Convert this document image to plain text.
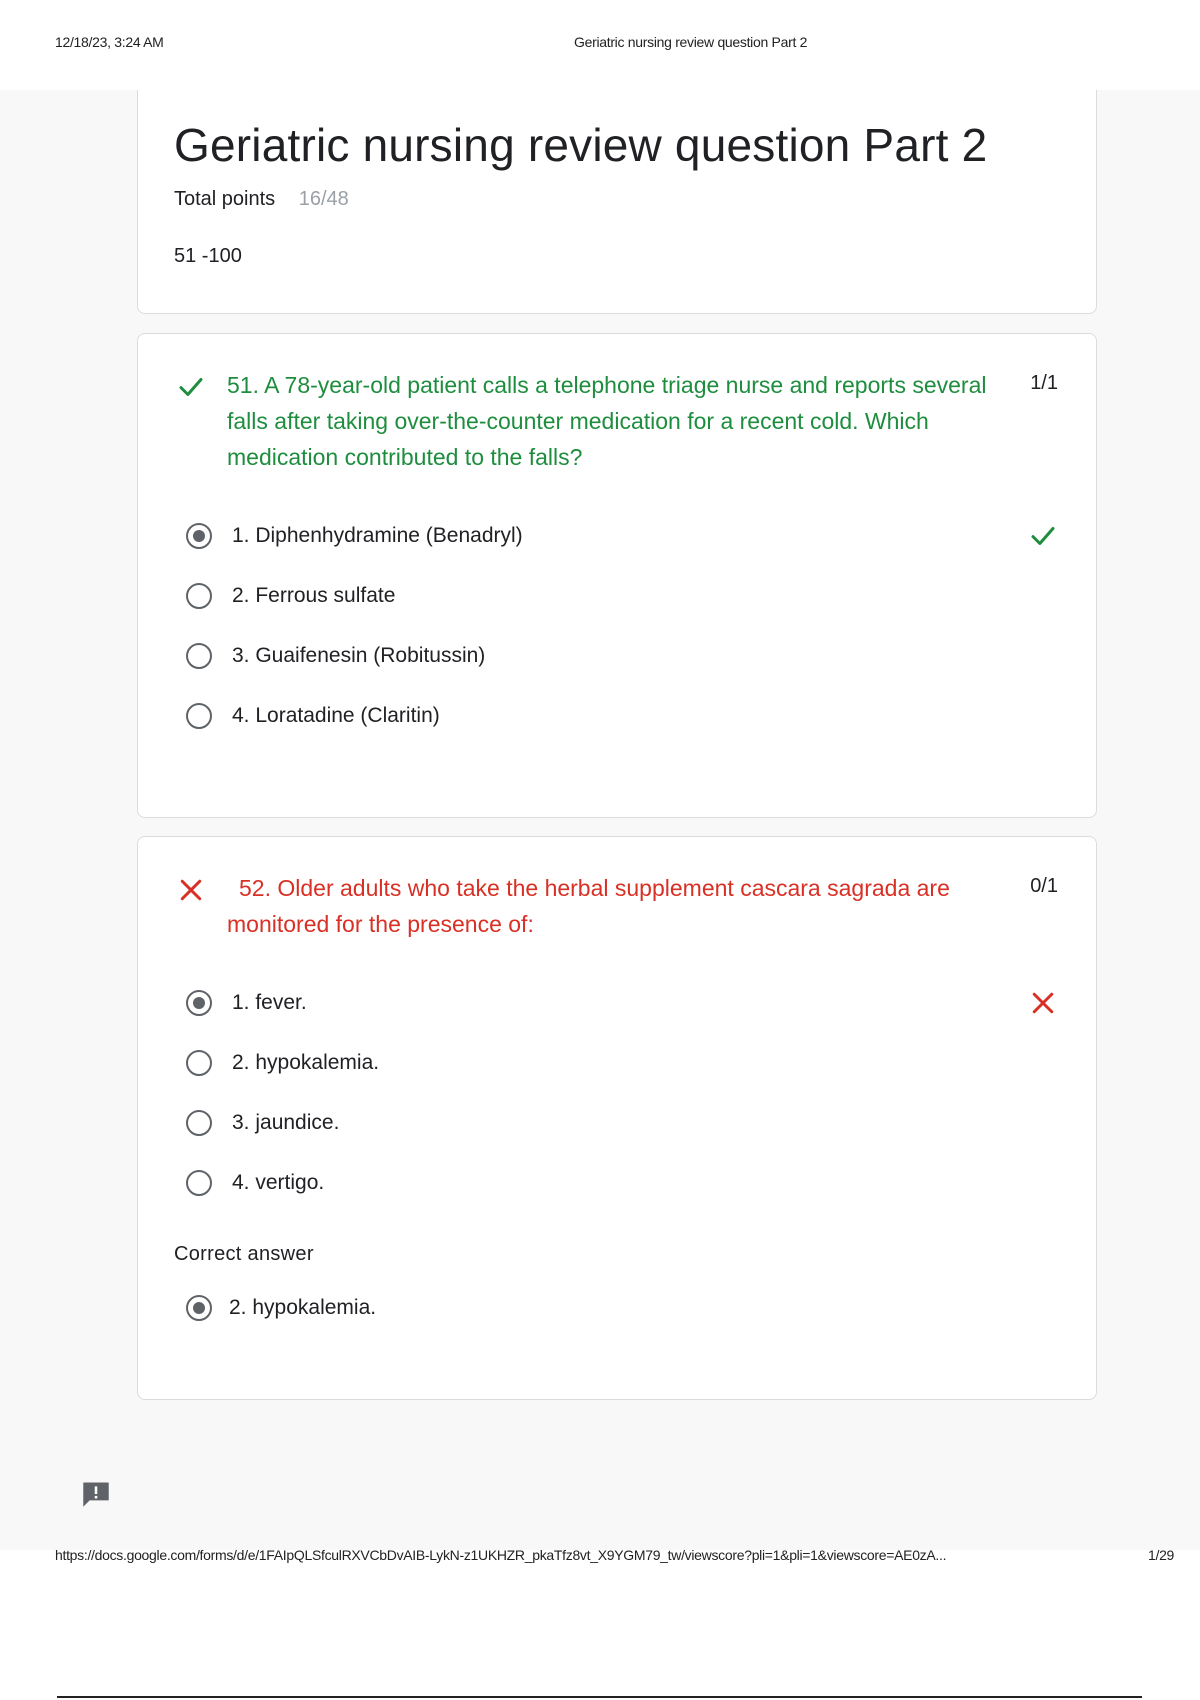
12/18/23, 3:24 AM	Geriatric nursing review question Part 2
Geriatric nursing review question Part 2
Total points 16/48
51 -100
51. A 78-year-old patient calls a telephone triage nurse and reports several falls after taking over-the-counter medication for a recent cold. Which medication contributed to the falls?
1/1
1. Diphenhydramine (Benadryl)
2. Ferrous sulfate
3. Guaifenesin (Robitussin)
4. Loratadine (Claritin)
52. Older adults who take the herbal supplement cascara sagrada are monitored for the presence of:
0/1
1. fever.
2. hypokalemia.
3. jaundice.
4. vertigo.
Correct answer
2. hypokalemia.
https://docs.google.com/forms/d/e/1FAIpQLSfculRXVCbDvAIB-LykN-z1UKHZR_pkaTfz8vt_X9YGM79_tw/viewscore?pli=1&pli=1&viewscore=AE0zA...	1/29
